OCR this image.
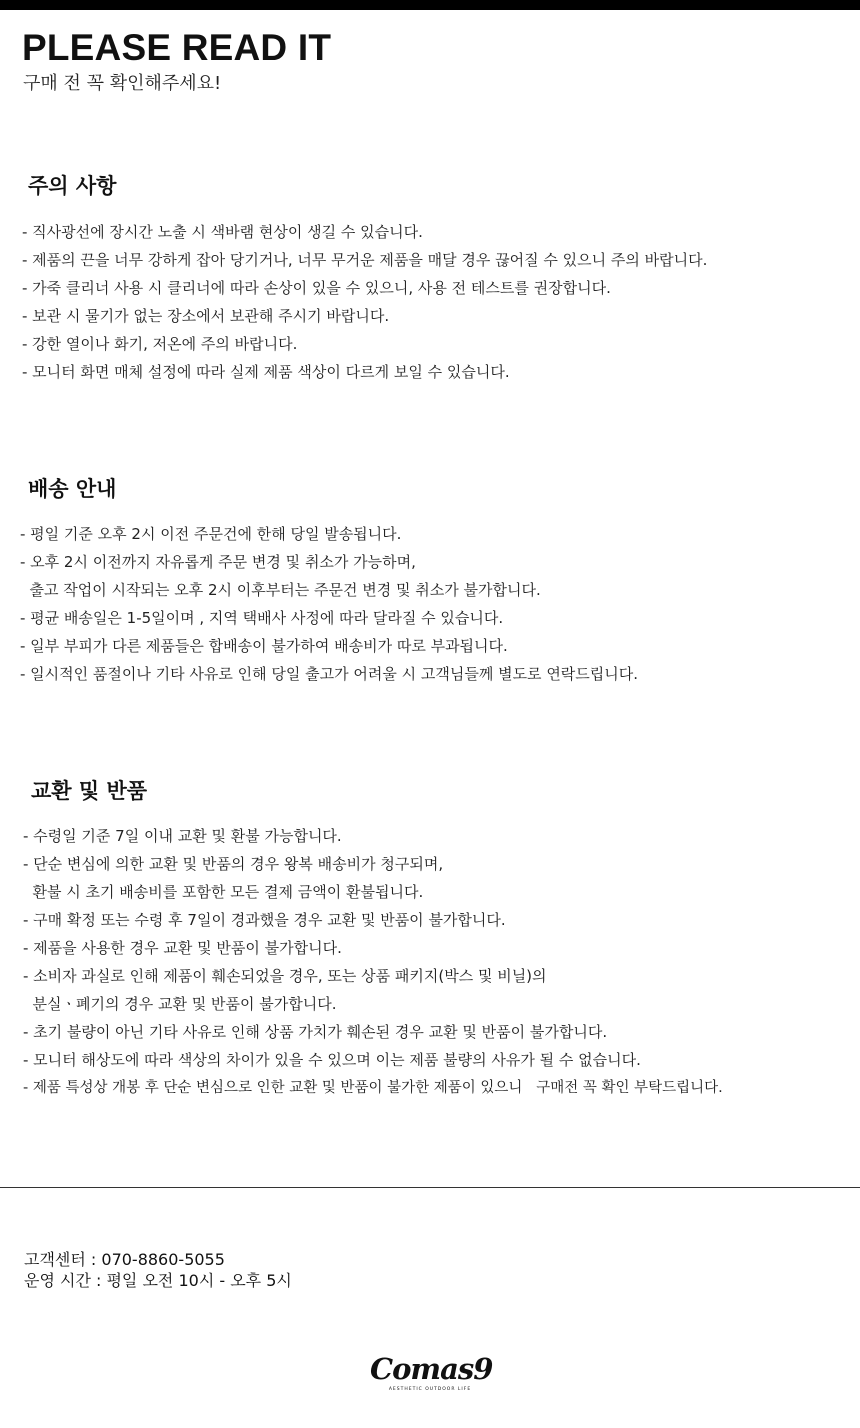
PLEASE READ IT
구매 전 꼭 확인해주세요!
주의 사항
- 직사광선에 장시간 노출 시 색바램 현상이 생길 수 있습니다.
- 제품의 끈을 너무 강하게 잡아 당기거나, 너무 무거운 제품을 매달 경우 끊어질 수 있으니 주의 바랍니다.
- 가죽 클리너 사용 시 클리너에 따라 손상이 있을 수 있으니, 사용 전 테스트를 권장합니다.
- 보관 시 물기가 없는 장소에서 보관해 주시기 바랍니다.
- 강한 열이나 화기, 저온에 주의 바랍니다.
- 모니터 화면 매체 설정에 따라 실제 제품 색상이 다르게 보일 수 있습니다.
배송 안내
- 평일 기준 오후 2시 이전 주문건에 한해 당일 발송됩니다.
- 오후 2시 이전까지 자유롭게 주문 변경 및 취소가 가능하며,
출고 작업이 시작되는 오후 2시 이후부터는 주문건 변경 및 취소가 불가합니다.
- 평균 배송일은 1-5일이며 , 지역 택배사 사정에 따라 달라질 수 있습니다.
- 일부 부피가 다른 제품들은 합배송이 불가하여 배송비가 따로 부과됩니다.
- 일시적인 품절이나 기타 사유로 인해 당일 출고가 어려울 시 고객님들께 별도로 연락드립니다.
교환 및 반품
- 수령일 기준 7일 이내 교환 및 환불 가능합니다.
- 단순 변심에 의한 교환 및 반품의 경우 왕복 배송비가 청구되며,
환불 시 초기 배송비를 포함한 모든 결제 금액이 환불됩니다.
- 구매 확정 또는 수령 후 7일이 경과했을 경우 교환 및 반품이 불가합니다.
- 제품을 사용한 경우 교환 및 반품이 불가합니다.
- 소비자 과실로 인해 제품이 훼손되었을 경우, 또는 상품 패키지(박스 및 비닐)의
분실ㆍ폐기의 경우 교환 및 반품이 불가합니다.
- 초기 불량이 아닌 기타 사유로 인해 상품 가치가 훼손된 경우 교환 및 반품이 불가합니다.
- 모니터 해상도에 따라 색상의 차이가 있을 수 있으며 이는 제품 불량의 사유가 될 수 없습니다.
- 제품 특성상 개봉 후 단순 변심으로 인한 교환 및 반품이 불가한 제품이 있으니   구매전 꼭 확인 부탁드립니다.
고객센터 : 070-8860-5055
운영 시간 : 평일 오전 10시 - 오후 5시
Comas9
AESTHETIC OUTDOOR LIFE
